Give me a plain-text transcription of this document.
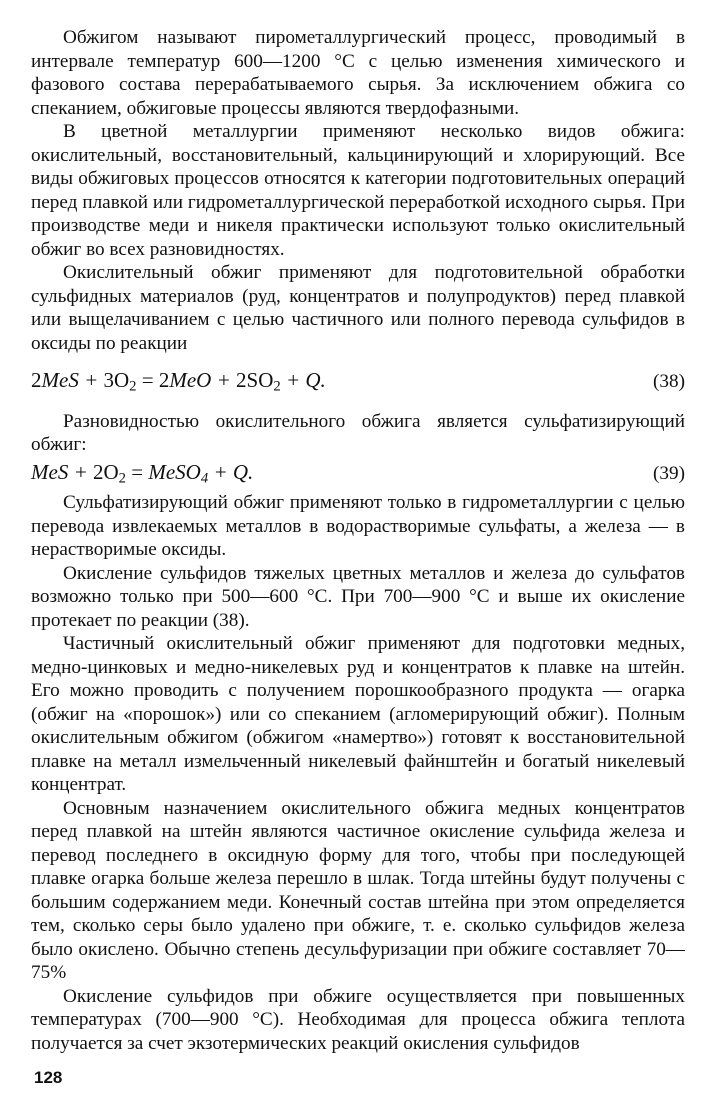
Обжигом называют пирометаллургический процесс, проводимый в интервале температур 600—1200 °С с целью изменения химического и фазового состава перерабатываемого сырья. За исключением обжига со спеканием, обжиговые процессы являются твердофазными.

В цветной металлургии применяют несколько видов обжига: окислительный, восстановительный, кальцинирующий и хлорирующий. Все виды обжиговых процессов относятся к категории подготовительных операций перед плавкой или гидрометаллургической переработкой исходного сырья. При производстве меди и никеля практически используют только окислительный обжиг во всех разновидностях.

Окислительный обжиг применяют для подготовительной обработки сульфидных материалов (руд, концентратов и полупродуктов) перед плавкой или выщелачиванием с целью частичного или полного перевода сульфидов в оксиды по реакции

$2MeS + 3O_2 = 2MeO + 2SO_2 + Q$.	(38)

Разновидностью окислительного обжига является сульфатизирующий обжиг:

MeS + $2O_2$ = MeSO$_4$ + Q.	(39)

Сульфатизирующий обжиг применяют только в гидрометаллургии с целью перевода извлекаемых металлов в водорастворимые сульфаты, а железа — в нерастворимые оксиды.

Окисление сульфидов тяжелых цветных металлов и железа до сульфатов возможно только при 500—600 °С. При 700—900 °С и выше их окисление протекает по реакции (38).

Частичный окислительный обжиг применяют для подготовки медных, медно-цинковых и медно-никелевых руд и концентратов к плавке на штейн. Его можно проводить с получением порошкообразного продукта — огарка (обжиг на «порошок») или со спеканием (агломерирующий обжиг). Полным окислительным обжигом (обжигом «намертво») готовят к восстановительной плавке на металл измельченный никелевый файнштейн и богатый никелевый концентрат.

Основным назначением окислительного обжига медных концентратов перед плавкой на штейн являются частичное окисление сульфида железа и перевод последнего в оксидную форму для того, чтобы при последующей плавке огарка больше железа перешло в шлак. Тогда штейны будут получены с большим содержанием меди. Конечный состав штейна при этом определяется тем, сколько серы было удалено при обжиге, т. е. сколько сульфидов железа было окислено. Обычно степень десульфуризации при обжиге составляет 70—75%

Окисление сульфидов при обжиге осуществляется при повышенных температурах (700—900 °С). Необходимая для процесса обжига теплота получается за счет экзотермических реакций окисления сульфидов

128
